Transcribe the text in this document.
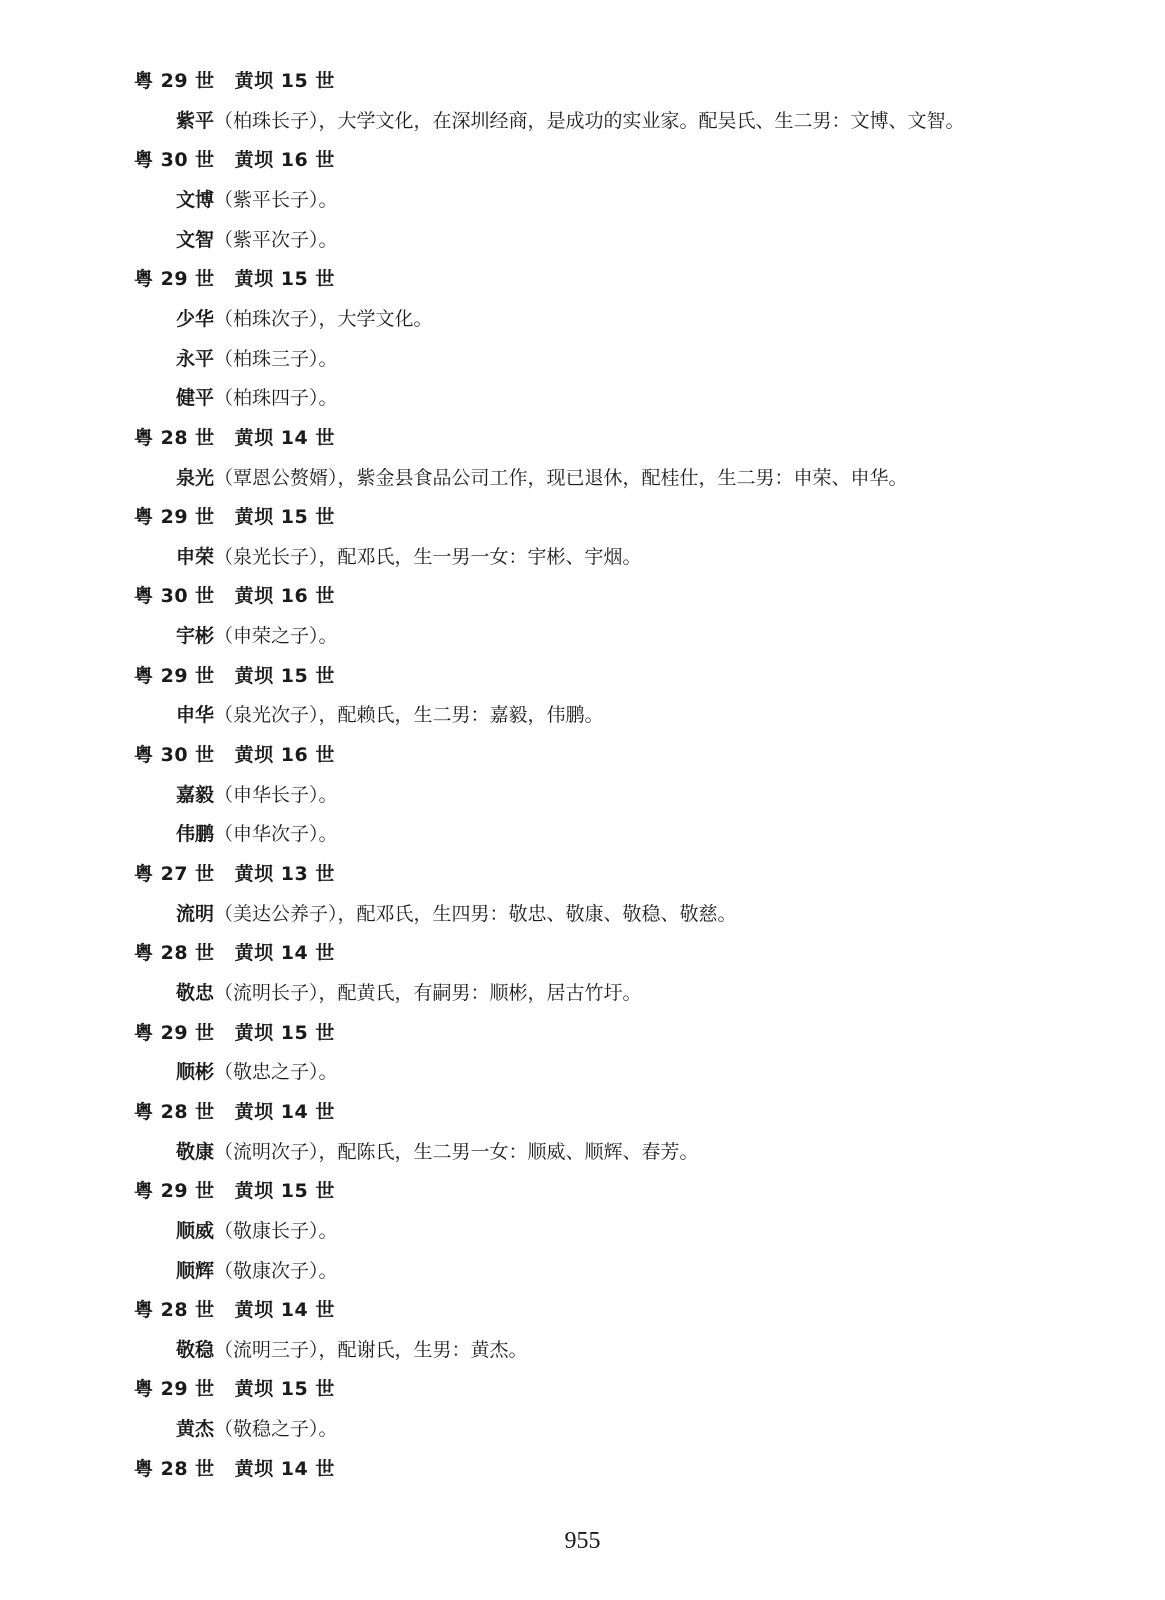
粤 29 世 黄坝 15 世
紫平（柏珠长子），大学文化，在深圳经商，是成功的实业家。配吴氏、生二男：文博、文智。
粤 30 世 黄坝 16 世
文博（紫平长子）。
文智（紫平次子）。
粤 29 世 黄坝 15 世
少华（柏珠次子），大学文化。
永平（柏珠三子）。
健平（柏珠四子）。
粤 28 世 黄坝 14 世
泉光（覃恩公赘婿），紫金县食品公司工作，现已退休，配桂仕，生二男：申荣、申华。
粤 29 世 黄坝 15 世
申荣（泉光长子），配邓氏，生一男一女：宇彬、宇烟。
粤 30 世 黄坝 16 世
宇彬（申荣之子）。
粤 29 世 黄坝 15 世
申华（泉光次子），配赖氏，生二男：嘉毅，伟鹏。
粤 30 世 黄坝 16 世
嘉毅（申华长子）。
伟鹏（申华次子）。
粤 27 世 黄坝 13 世
流明（美达公养子），配邓氏，生四男：敬忠、敬康、敬稳、敬慈。
粤 28 世 黄坝 14 世
敬忠（流明长子），配黄氏，有嗣男：顺彬，居古竹圩。
粤 29 世 黄坝 15 世
顺彬（敬忠之子）。
粤 28 世 黄坝 14 世
敬康（流明次子），配陈氏，生二男一女：顺威、顺辉、春芳。
粤 29 世 黄坝 15 世
顺威（敬康长子）。
顺辉（敬康次子）。
粤 28 世 黄坝 14 世
敬稳（流明三子），配谢氏，生男：黄杰。
粤 29 世 黄坝 15 世
黄杰（敬稳之子）。
粤 28 世 黄坝 14 世
955
